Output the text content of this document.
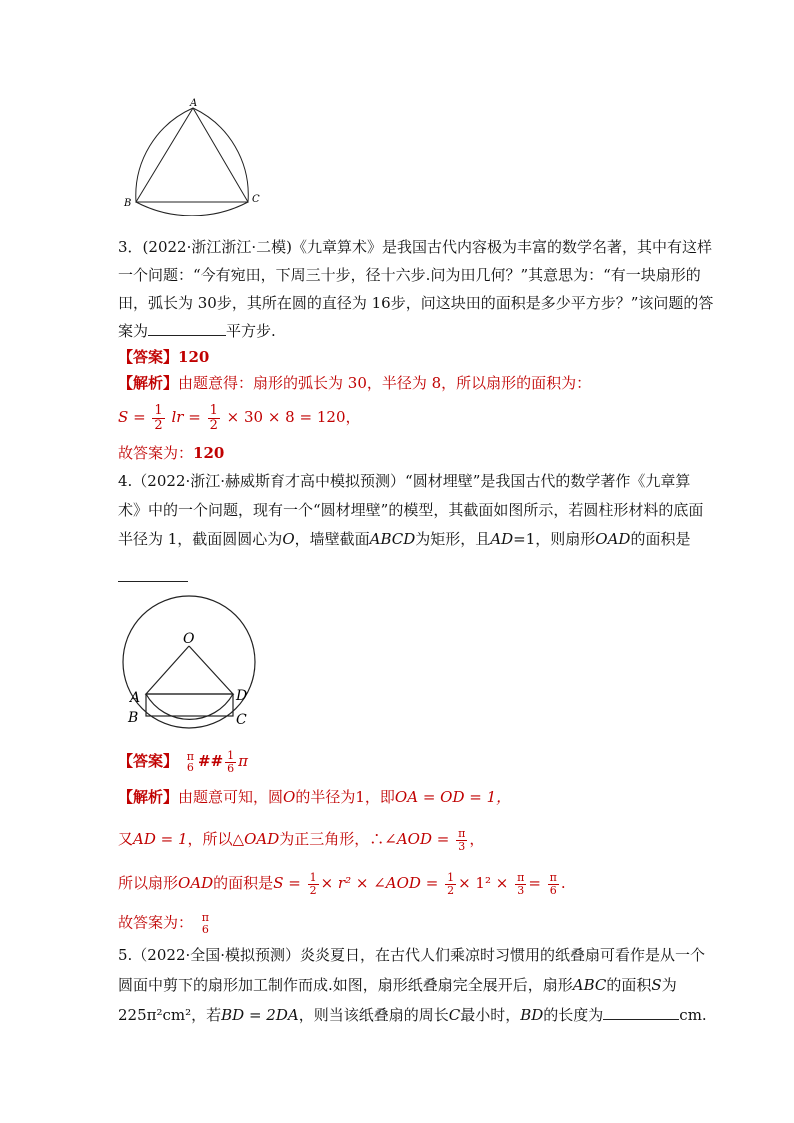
A
B	C
3．(2022·浙江浙江·二模)《九章算术》是我国古代内容极为丰富的数学名著，其中有这样
一个问题：“今有宛田，下周三十步，径十六步.问为田几何？”其意思为：“有一块扇形的
田，弧长为 30步，其所在圆的直径为 16步，问这块田的面积是多少平方步？”该问题的答
案为	平方步.
【答案】120
【解析】由题意得：扇形的弧长为 30，半径为 8，所以扇形的面积为：
$S = \frac{1}{2}$ lr = $\frac{1}{2} \times 30 \times 8 = 120$，
故答案为：120
4.（2022·浙江·赫威斯育才高中模拟预测）“圆材埋壁”是我国古代的数学著作《九章算
术》中的一个问题，现有一个“圆材埋壁”的模型，其截面如图所示，若圆柱形材料的底面
半径为 1，截面圆圆心为O，墙壁截面ABCD为矩形，且AD=1，则扇形OAD的面积是
O
A	D
B	C
【答案】 π
6 ## $\frac{1}{6}$ π
【解析】由题意可知，圆O的半径为1，即OA = OD = 1，
又AD = 1，所以△OAD为正三角形，∴∠AOD = $\frac{\pi}{3}$ ，
所以扇形OAD的面积是$S = \frac{1}{2} \times r^2$ × ∠AOD = $\frac{1}{2} \times 1^2 \times \frac{\pi}{3} = \frac{\pi}{6}$ .
故答案为： π
6
5.（2022·全国·模拟预测）炎炎夏日，在古代人们乘凉时习惯用的纸叠扇可看作是从一个
圆面中剪下的扇形加工制作而成.如图，扇形纸叠扇完全展开后，扇形ABC的面积S为
225π²cm²，若BD = 2DA，则当该纸叠扇的周长C最小时，BD的长度为	cm.
